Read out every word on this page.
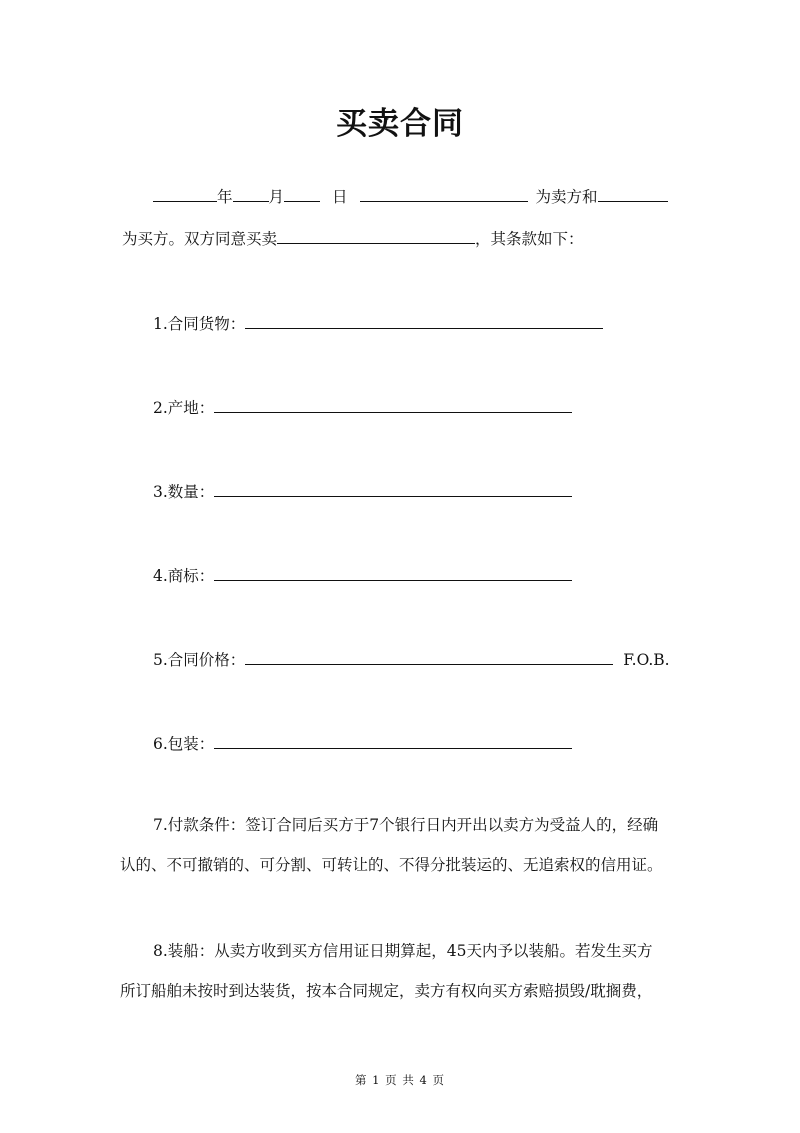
买卖合同
年 月	日	为卖方和
为买方。双方同意买卖	，其条款如下：
1.合同货物：
2.产地：
3.数量：
4.商标：
5.合同价格：	F.O.B.
6.包装：
7.付款条件：签订合同后买方于7个银行日内开出以卖方为受益人的，经确
认的、不可撤销的、可分割、可转让的、不得分批装运的、无追索权的信用证。
8.装船：从卖方收到买方信用证日期算起，45天内予以装船。若发生买方
所订船舶未按时到达装货，按本合同规定，卖方有权向买方索赔损毁/耽搁费，
第 1 页 共 4 页
